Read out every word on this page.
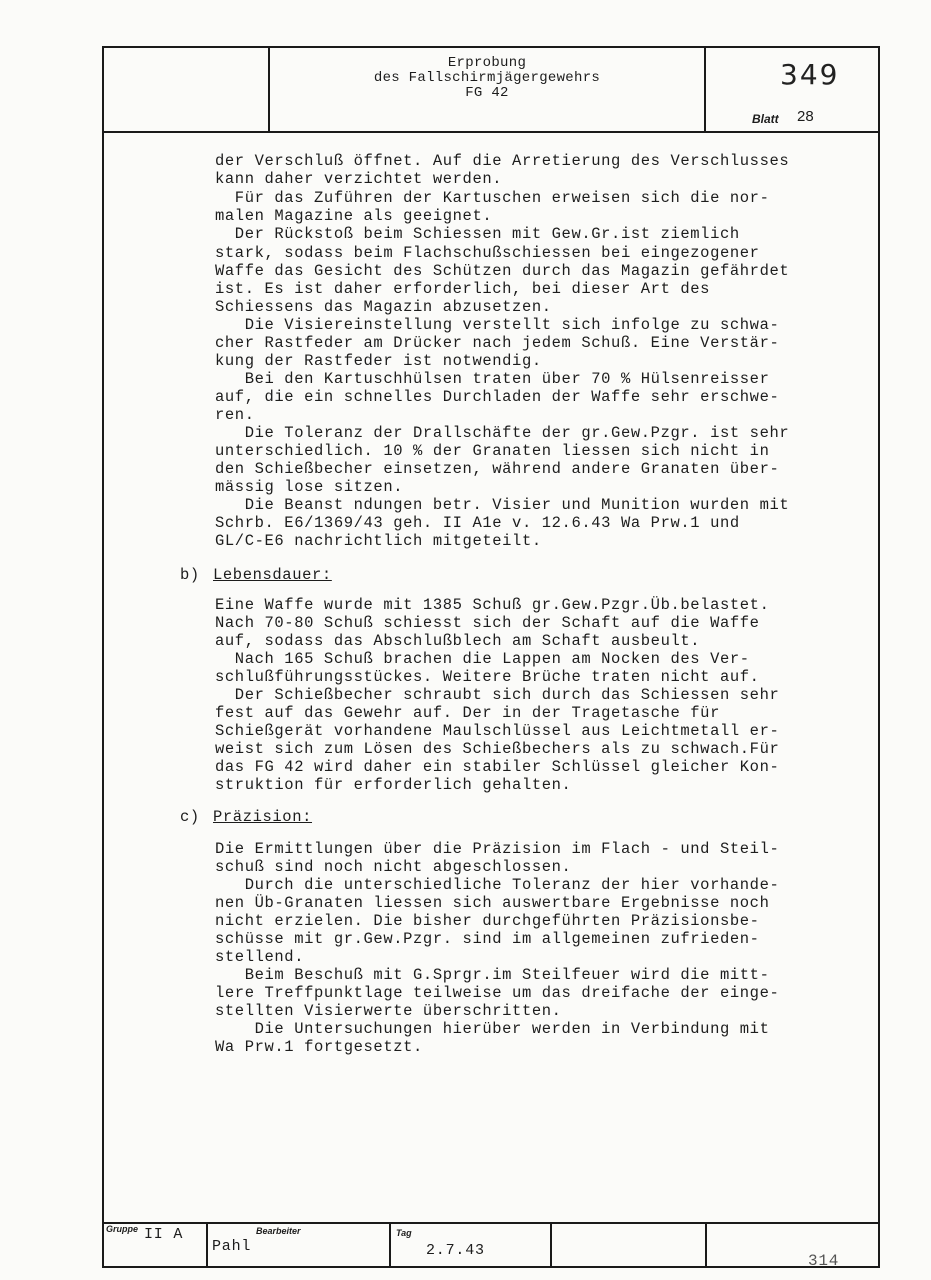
Erprobung
des Fallschirmjägergewehrs
FG 42
349
Blatt 28
der Verschluß öffnet. Auf die Arretierung des Verschlusses
kann daher verzichtet werden.
Für das Zuführen der Kartuschen erweisen sich die nor-
malen Magazine als geeignet.
Der Rückstoß beim Schiessen mit Gew.Gr.ist ziemlich
stark, sodass beim Flachschußschiessen bei eingezogener
Waffe das Gesicht des Schützen durch das Magazin gefährdet
ist. Es ist daher erforderlich, bei dieser Art des
Schiessens das Magazin abzusetzen.
Die Visiereinstellung verstellt sich infolge zu schwa-
cher Rastfeder am Drücker nach jedem Schuß. Eine Verstär-
kung der Rastfeder ist notwendig.
Bei den Kartuschhülsen traten über 70 % Hülsenreisser
auf, die ein schnelles Durchladen der Waffe sehr erschwe-
ren.
Die Toleranz der Drallschäfte der gr.Gew.Pzgr. ist sehr
unterschiedlich. 10 % der Granaten liessen sich nicht in
den Schießbecher einsetzen, während andere Granaten über-
mässig lose sitzen.
Die Beanst ndungen betr. Visier und Munition wurden mit
Schrb. E6/1369/43 geh. II A1e v. 12.6.43 Wa Prw.1 und
GL/C-E6 nachrichtlich mitgeteilt.
b) Lebensdauer:
Eine Waffe wurde mit 1385 Schuß gr.Gew.Pzgr.Üb.belastet.
Nach 70-80 Schuß schiesst sich der Schaft auf die Waffe
auf, sodass das Abschlußblech am Schaft ausbeult.
Nach 165 Schuß brachen die Lappen am Nocken des Ver-
schlußführungsstückes. Weitere Brüche traten nicht auf.
Der Schießbecher schraubt sich durch das Schiessen sehr
fest auf das Gewehr auf. Der in der Tragetasche für
Schießgerät vorhandene Maulschlüssel aus Leichtmetall er-
weist sich zum Lösen des Schießbechers als zu schwach.Für
das FG 42 wird daher ein stabiler Schlüssel gleicher Kon-
struktion für erforderlich gehalten.
c) Präzision:
Die Ermittlungen über die Präzision im Flach - und Steil-
schuß sind noch nicht abgeschlossen.
Durch die unterschiedliche Toleranz der hier vorhande-
nen Üb-Granaten liessen sich auswertbare Ergebnisse noch
nicht erzielen. Die bisher durchgeführten Präzisionsbe-
schüsse mit gr.Gew.Pzgr. sind im allgemeinen zufrieden-
stellend.
Beim Beschuß mit G.Sprgr.im Steilfeuer wird die mitt-
lere Treffpunktlage teilweise um das dreifache der einge-
stellten Visierwerte überschritten.
Die Untersuchungen hierüber werden in Verbindung mit
Wa Prw.1 fortgesetzt.
Gruppe II A	Bearbeiter
Pahl
Tag
2.7.43
314
